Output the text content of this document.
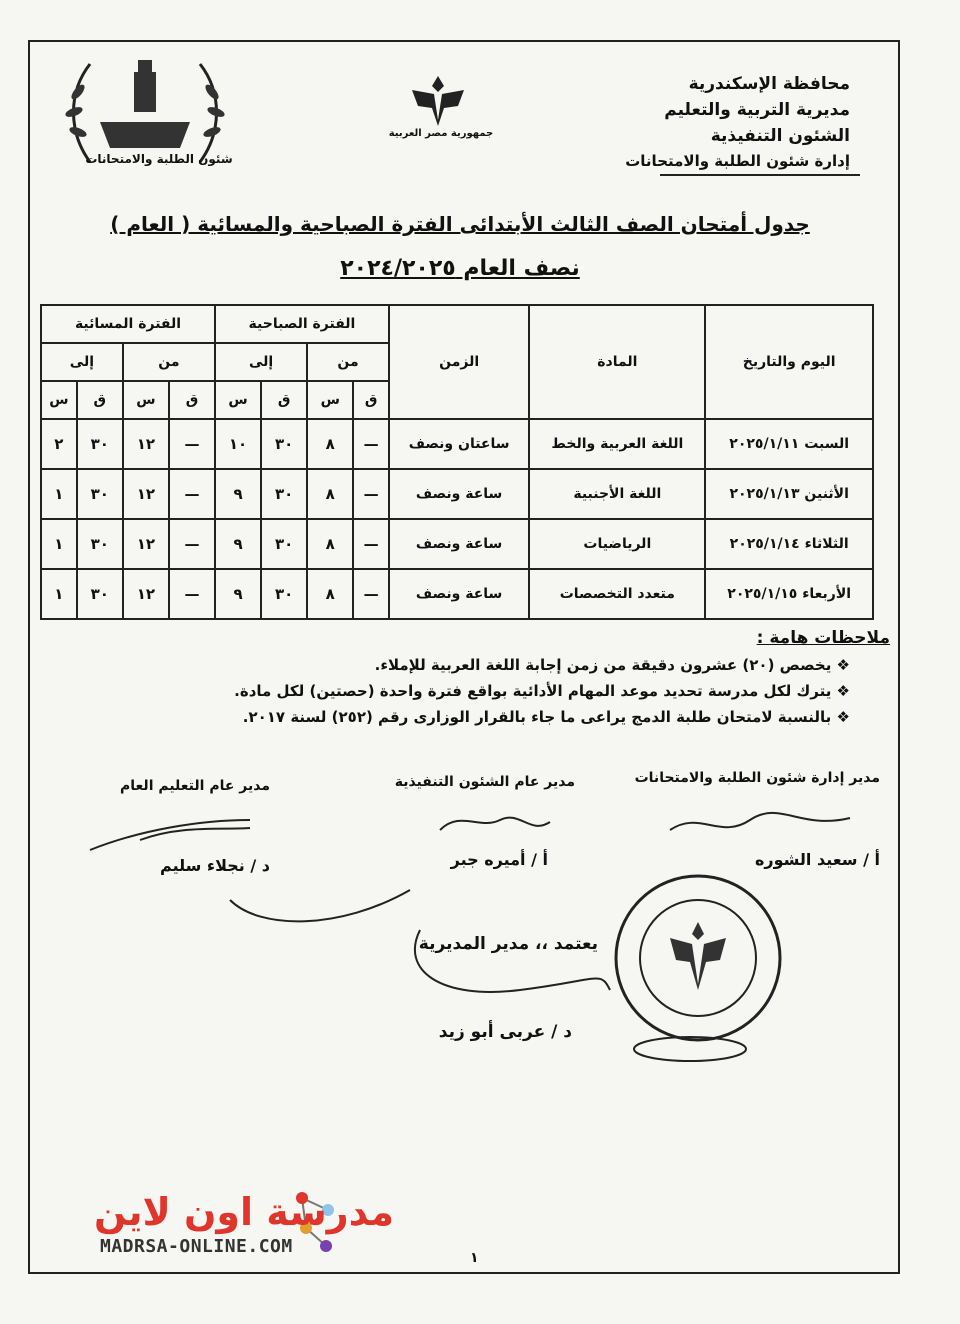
شئون الطلبة والامتحانات
جمهورية مصر العربية
محافظة الإسكندرية
مديرية التربية والتعليم
الشئون التنفيذية
إدارة شئون الطلبة والامتحانات
جدول أمتحان الصف الثالث الأبتدائى الفترة الصباحية والمسائية ( العام )
نصف العام ٢٠٢٤/٢٠٢٥
اليوم والتاريخ	المادة	الزمن	الفترة الصباحية				الفترة المسائية			
			من		إلى		من		إلى	
			ق	س	ق	س	ق	س	ق	س
السبت ٢٠٢٥/١/١١	اللغة العربية والخط	ساعتان ونصف	—	٨	٣٠	١٠	—	١٢	٣٠	٢
الأثنين ٢٠٢٥/١/١٣	اللغة الأجنبية	ساعة ونصف	—	٨	٣٠	٩	—	١٢	٣٠	١
الثلاثاء ٢٠٢٥/١/١٤	الرياضيات	ساعة ونصف	—	٨	٣٠	٩	—	١٢	٣٠	١
الأربعاء ٢٠٢٥/١/١٥	متعدد التخصصات	ساعة ونصف	—	٨	٣٠	٩	—	١٢	٣٠	١
ملاحظات هامة :
❖ يخصص (٢٠) عشرون دقيقة من زمن إجابة اللغة العربية للإملاء.
❖ يترك لكل مدرسة تحديد موعد المهام الأدائية بواقع فترة واحدة (حصتين) لكل مادة.
❖ بالنسبة لامتحان طلبة الدمج يراعى ما جاء بالقرار الوزارى رقم (٢٥٢) لسنة ٢٠١٧.
مدير إدارة شئون الطلبة والامتحانات
مدير عام الشئون التنفيذية
مدير عام التعليم العام
أ / سعيد الشوره
أ / أميره جبر
د / نجلاء سليم
يعتمد ،، مدير المديرية
د / عربى أبو زيد
مدرسة اون لاين
MADRSA-ONLINE.COM
١
